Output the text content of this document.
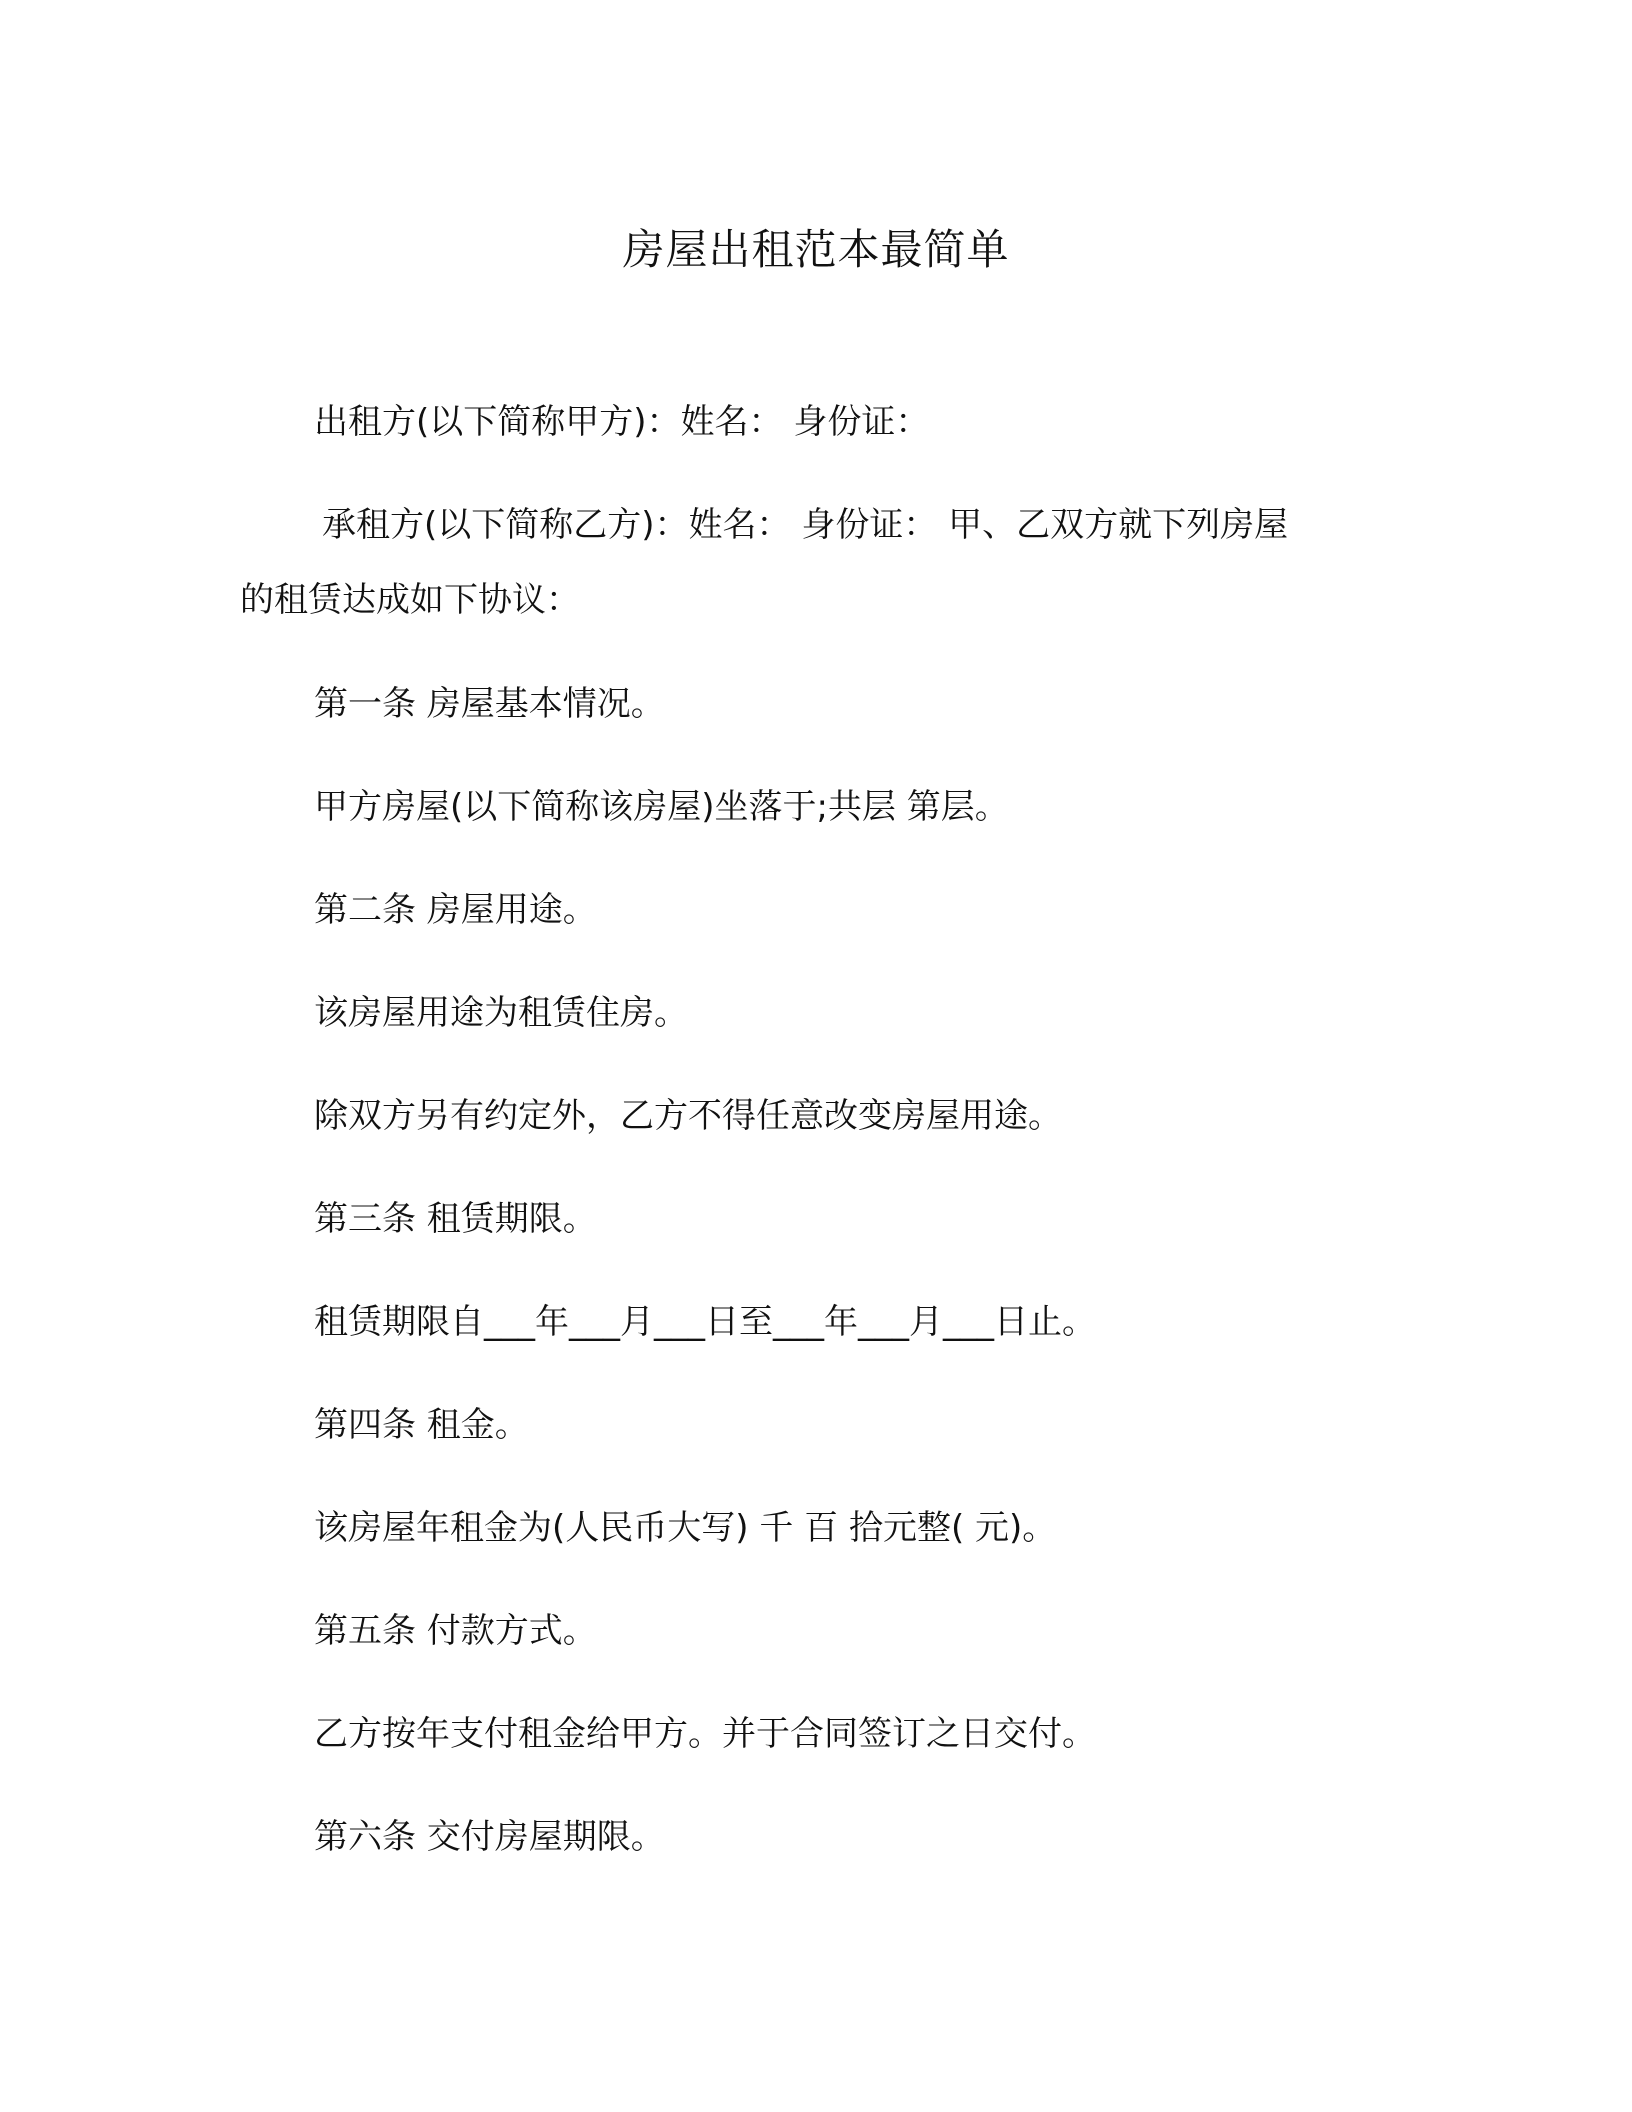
房屋出租范本最简单
出租方(以下简称甲方)：姓名： 身份证：
承租方(以下简称乙方)：姓名： 身份证： 甲、乙双方就下列房屋
的租赁达成如下协议：
第一条 房屋基本情况。
甲方房屋(以下简称该房屋)坐落于;共层 第层。
第二条 房屋用途。
该房屋用途为租赁住房。
除双方另有约定外，乙方不得任意改变房屋用途。
第三条 租赁期限。
租赁期限自___年___月___日至___年___月___日止。
第四条 租金。
该房屋年租金为(人民币大写) 千 百 拾元整( 元)。
第五条 付款方式。
乙方按年支付租金给甲方。并于合同签订之日交付。
第六条 交付房屋期限。
